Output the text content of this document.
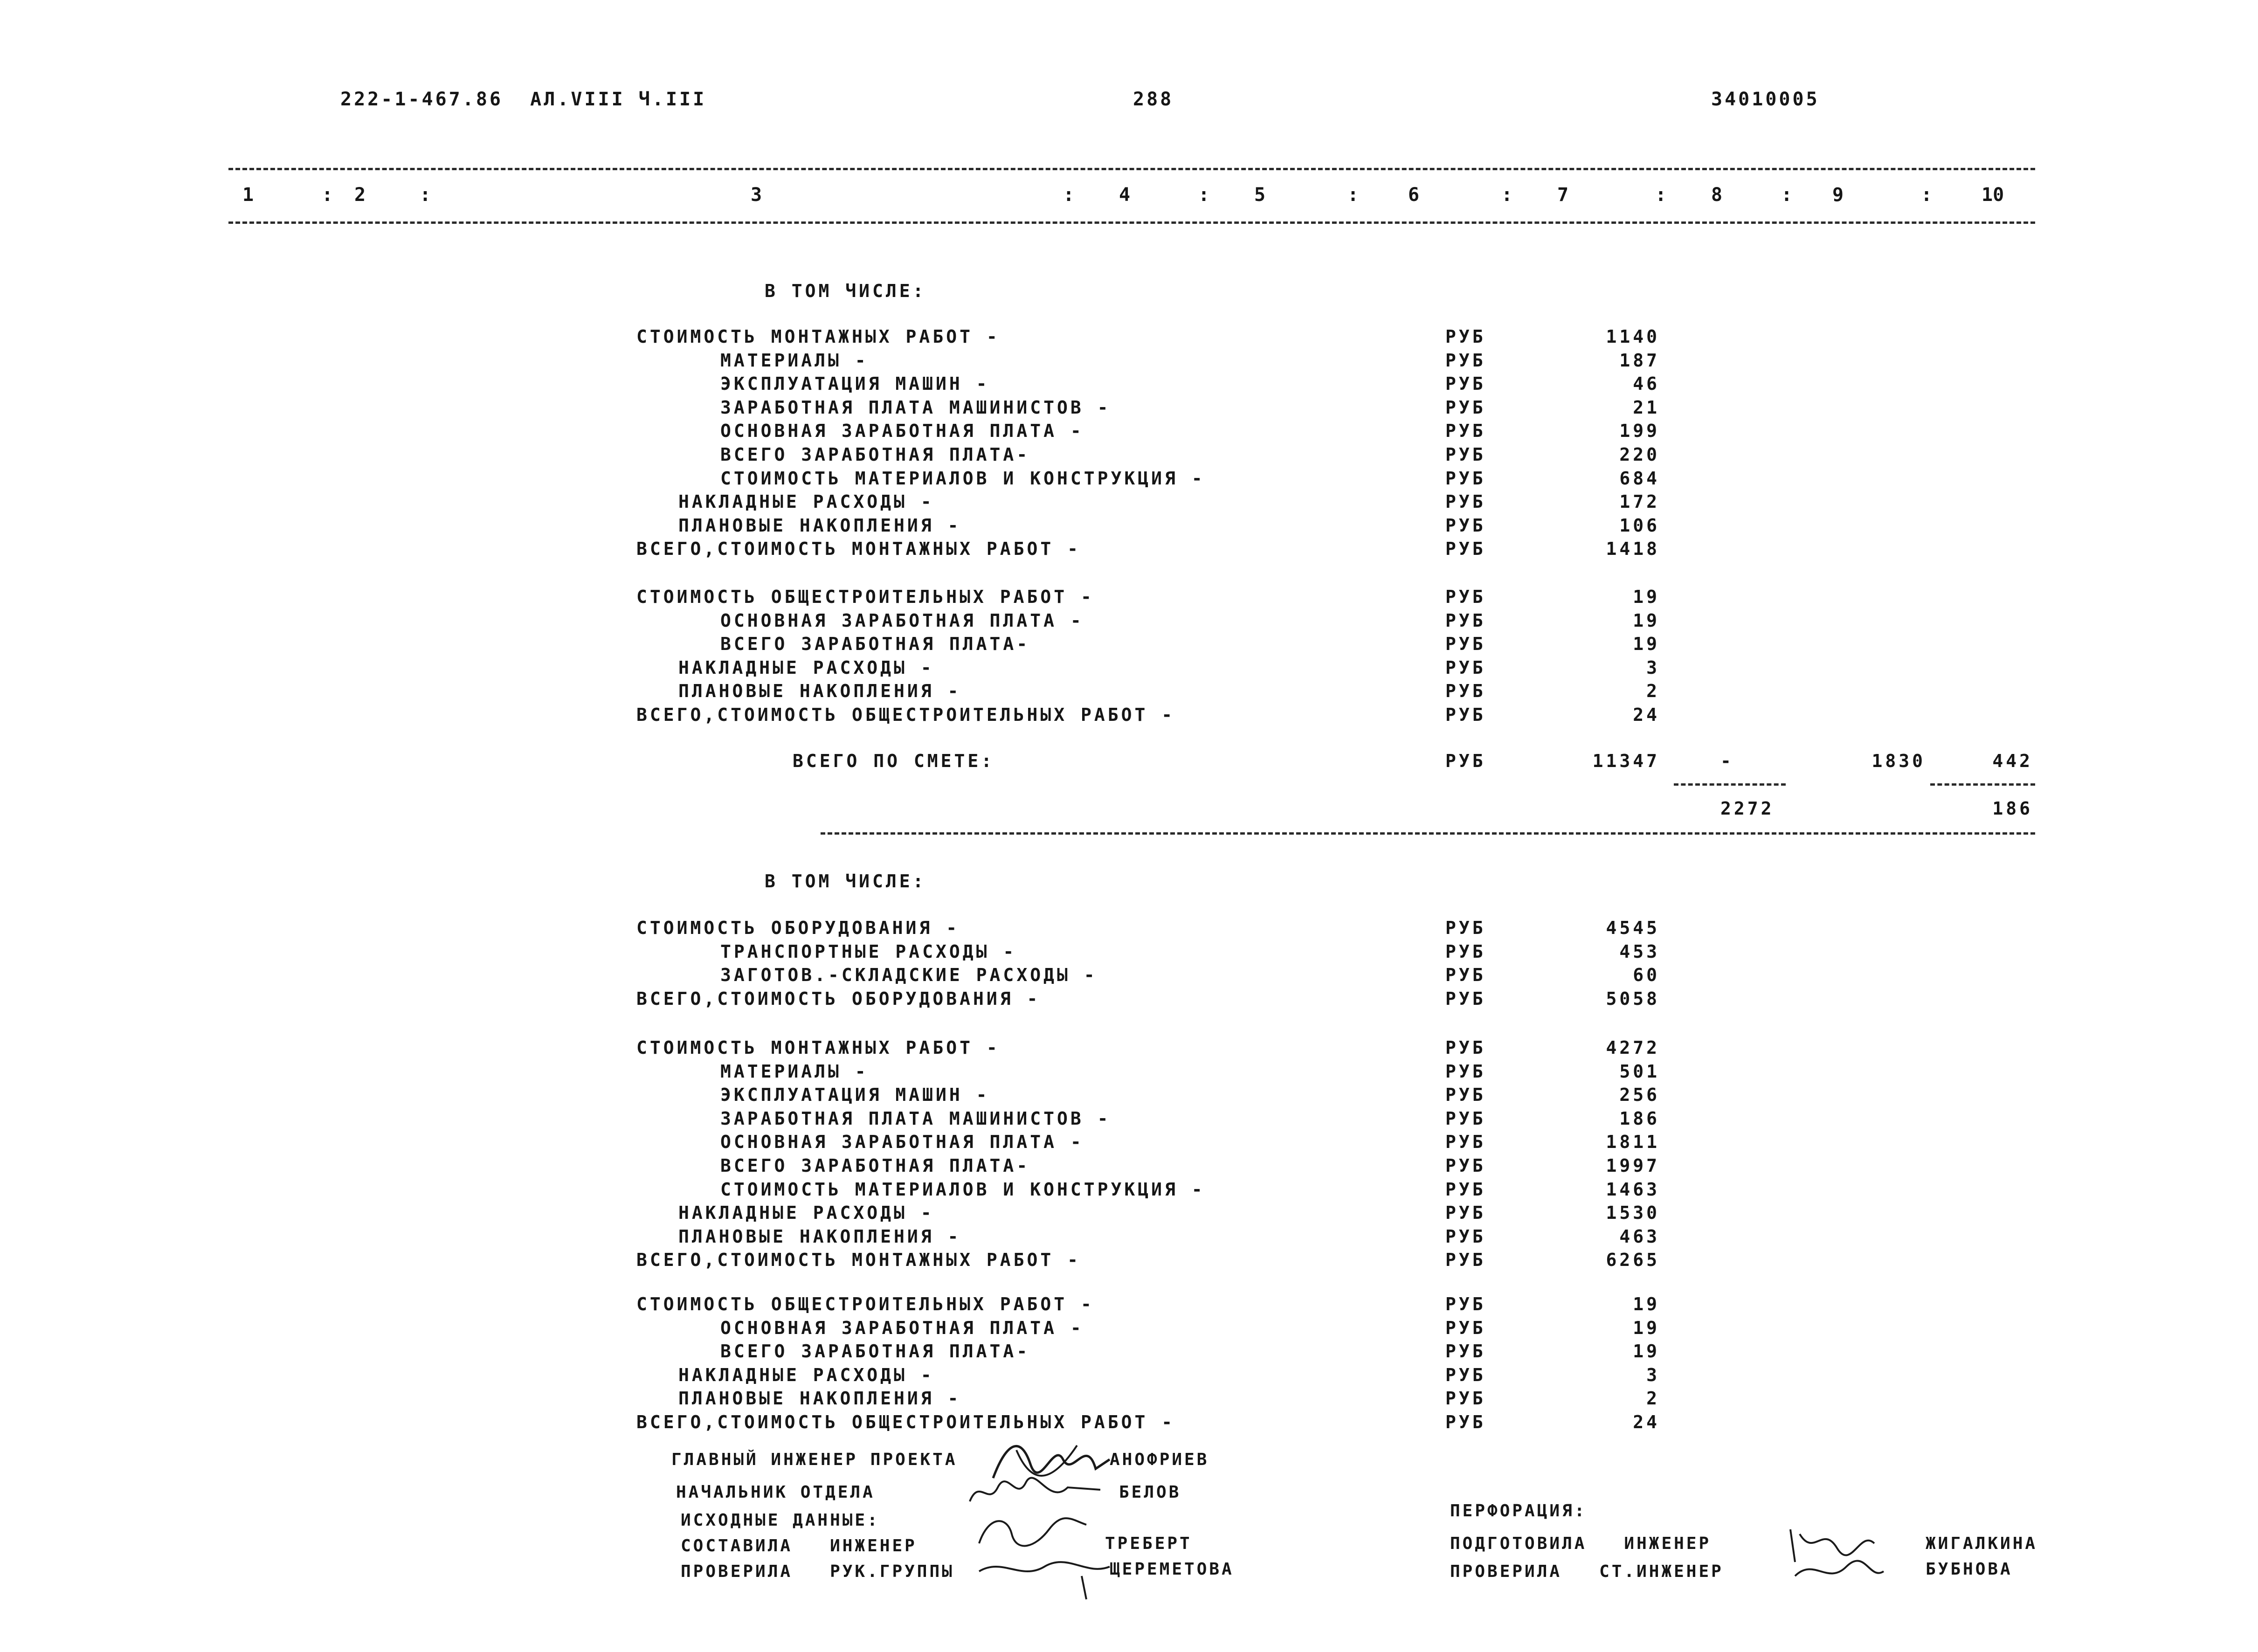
222-1-467.86  АЛ.VIII Ч.III	288	34010005
1	2	3	4	5	6	7	8	9	10
:	:	:	:	:	:	:	:	:
В ТОМ ЧИСЛЕ:
СТОИМОСТЬ МОНТАЖНЫХ РАБОТ -	РУБ	1140
МАТЕРИАЛЫ -	РУБ	187
ЭКСПЛУАТАЦИЯ МАШИН -	РУБ	46
ЗАРАБОТНАЯ ПЛАТА МАШИНИСТОВ -	РУБ	21
ОСНОВНАЯ ЗАРАБОТНАЯ ПЛАТА -	РУБ	199
ВСЕГО ЗАРАБОТНАЯ ПЛАТА-	РУБ	220
СТОИМОСТЬ МАТЕРИАЛОВ И КОНСТРУКЦИЯ -	РУБ	684
НАКЛАДНЫЕ РАСХОДЫ -	РУБ	172
ПЛАНОВЫЕ НАКОПЛЕНИЯ -	РУБ	106
ВСЕГО,СТОИМОСТЬ МОНТАЖНЫХ РАБОТ -	РУБ	1418
СТОИМОСТЬ ОБЩЕСТРОИТЕЛЬНЫХ РАБОТ -	РУБ	19
ОСНОВНАЯ ЗАРАБОТНАЯ ПЛАТА -	РУБ	19
ВСЕГО ЗАРАБОТНАЯ ПЛАТА-	РУБ	19
НАКЛАДНЫЕ РАСХОДЫ -	РУБ	3
ПЛАНОВЫЕ НАКОПЛЕНИЯ -	РУБ	2
ВСЕГО,СТОИМОСТЬ ОБЩЕСТРОИТЕЛЬНЫХ РАБОТ -	РУБ	24
ВСЕГО ПО СМЕТЕ:	РУБ	11347	-	1830	442
2272	186
В ТОМ ЧИСЛЕ:
СТОИМОСТЬ ОБОРУДОВАНИЯ -	РУБ	4545
ТРАНСПОРТНЫЕ РАСХОДЫ -	РУБ	453
ЗАГОТОВ.-СКЛАДСКИЕ РАСХОДЫ -	РУБ	60
ВСЕГО,СТОИМОСТЬ ОБОРУДОВАНИЯ -	РУБ	5058
СТОИМОСТЬ МОНТАЖНЫХ РАБОТ -	РУБ	4272
МАТЕРИАЛЫ -	РУБ	501
ЭКСПЛУАТАЦИЯ МАШИН -	РУБ	256
ЗАРАБОТНАЯ ПЛАТА МАШИНИСТОВ -	РУБ	186
ОСНОВНАЯ ЗАРАБОТНАЯ ПЛАТА -	РУБ	1811
ВСЕГО ЗАРАБОТНАЯ ПЛАТА-	РУБ	1997
СТОИМОСТЬ МАТЕРИАЛОВ И КОНСТРУКЦИЯ -	РУБ	1463
НАКЛАДНЫЕ РАСХОДЫ -	РУБ	1530
ПЛАНОВЫЕ НАКОПЛЕНИЯ -	РУБ	463
ВСЕГО,СТОИМОСТЬ МОНТАЖНЫХ РАБОТ -	РУБ	6265
СТОИМОСТЬ ОБЩЕСТРОИТЕЛЬНЫХ РАБОТ -	РУБ	19
ОСНОВНАЯ ЗАРАБОТНАЯ ПЛАТА -	РУБ	19
ВСЕГО ЗАРАБОТНАЯ ПЛАТА-	РУБ	19
НАКЛАДНЫЕ РАСХОДЫ -	РУБ	3
ПЛАНОВЫЕ НАКОПЛЕНИЯ -	РУБ	2
ВСЕГО,СТОИМОСТЬ ОБЩЕСТРОИТЕЛЬНЫХ РАБОТ -	РУБ	24
ГЛАВНЫЙ ИНЖЕНЕР ПРОЕКТА	АНОФРИЕВ
НАЧАЛЬНИК ОТДЕЛА	БЕЛОВ
ИСХОДНЫЕ ДАННЫЕ:
СОСТАВИЛА   ИНЖЕНЕР	ТРЕБЕРТ
ПРОВЕРИЛА   РУК.ГРУППЫ	ЩЕРЕМЕТОВА
ПЕРФОРАЦИЯ:
ПОДГОТОВИЛА   ИНЖЕНЕР	ЖИГАЛКИНА
ПРОВЕРИЛА   СТ.ИНЖЕНЕР	БУБНОВА
